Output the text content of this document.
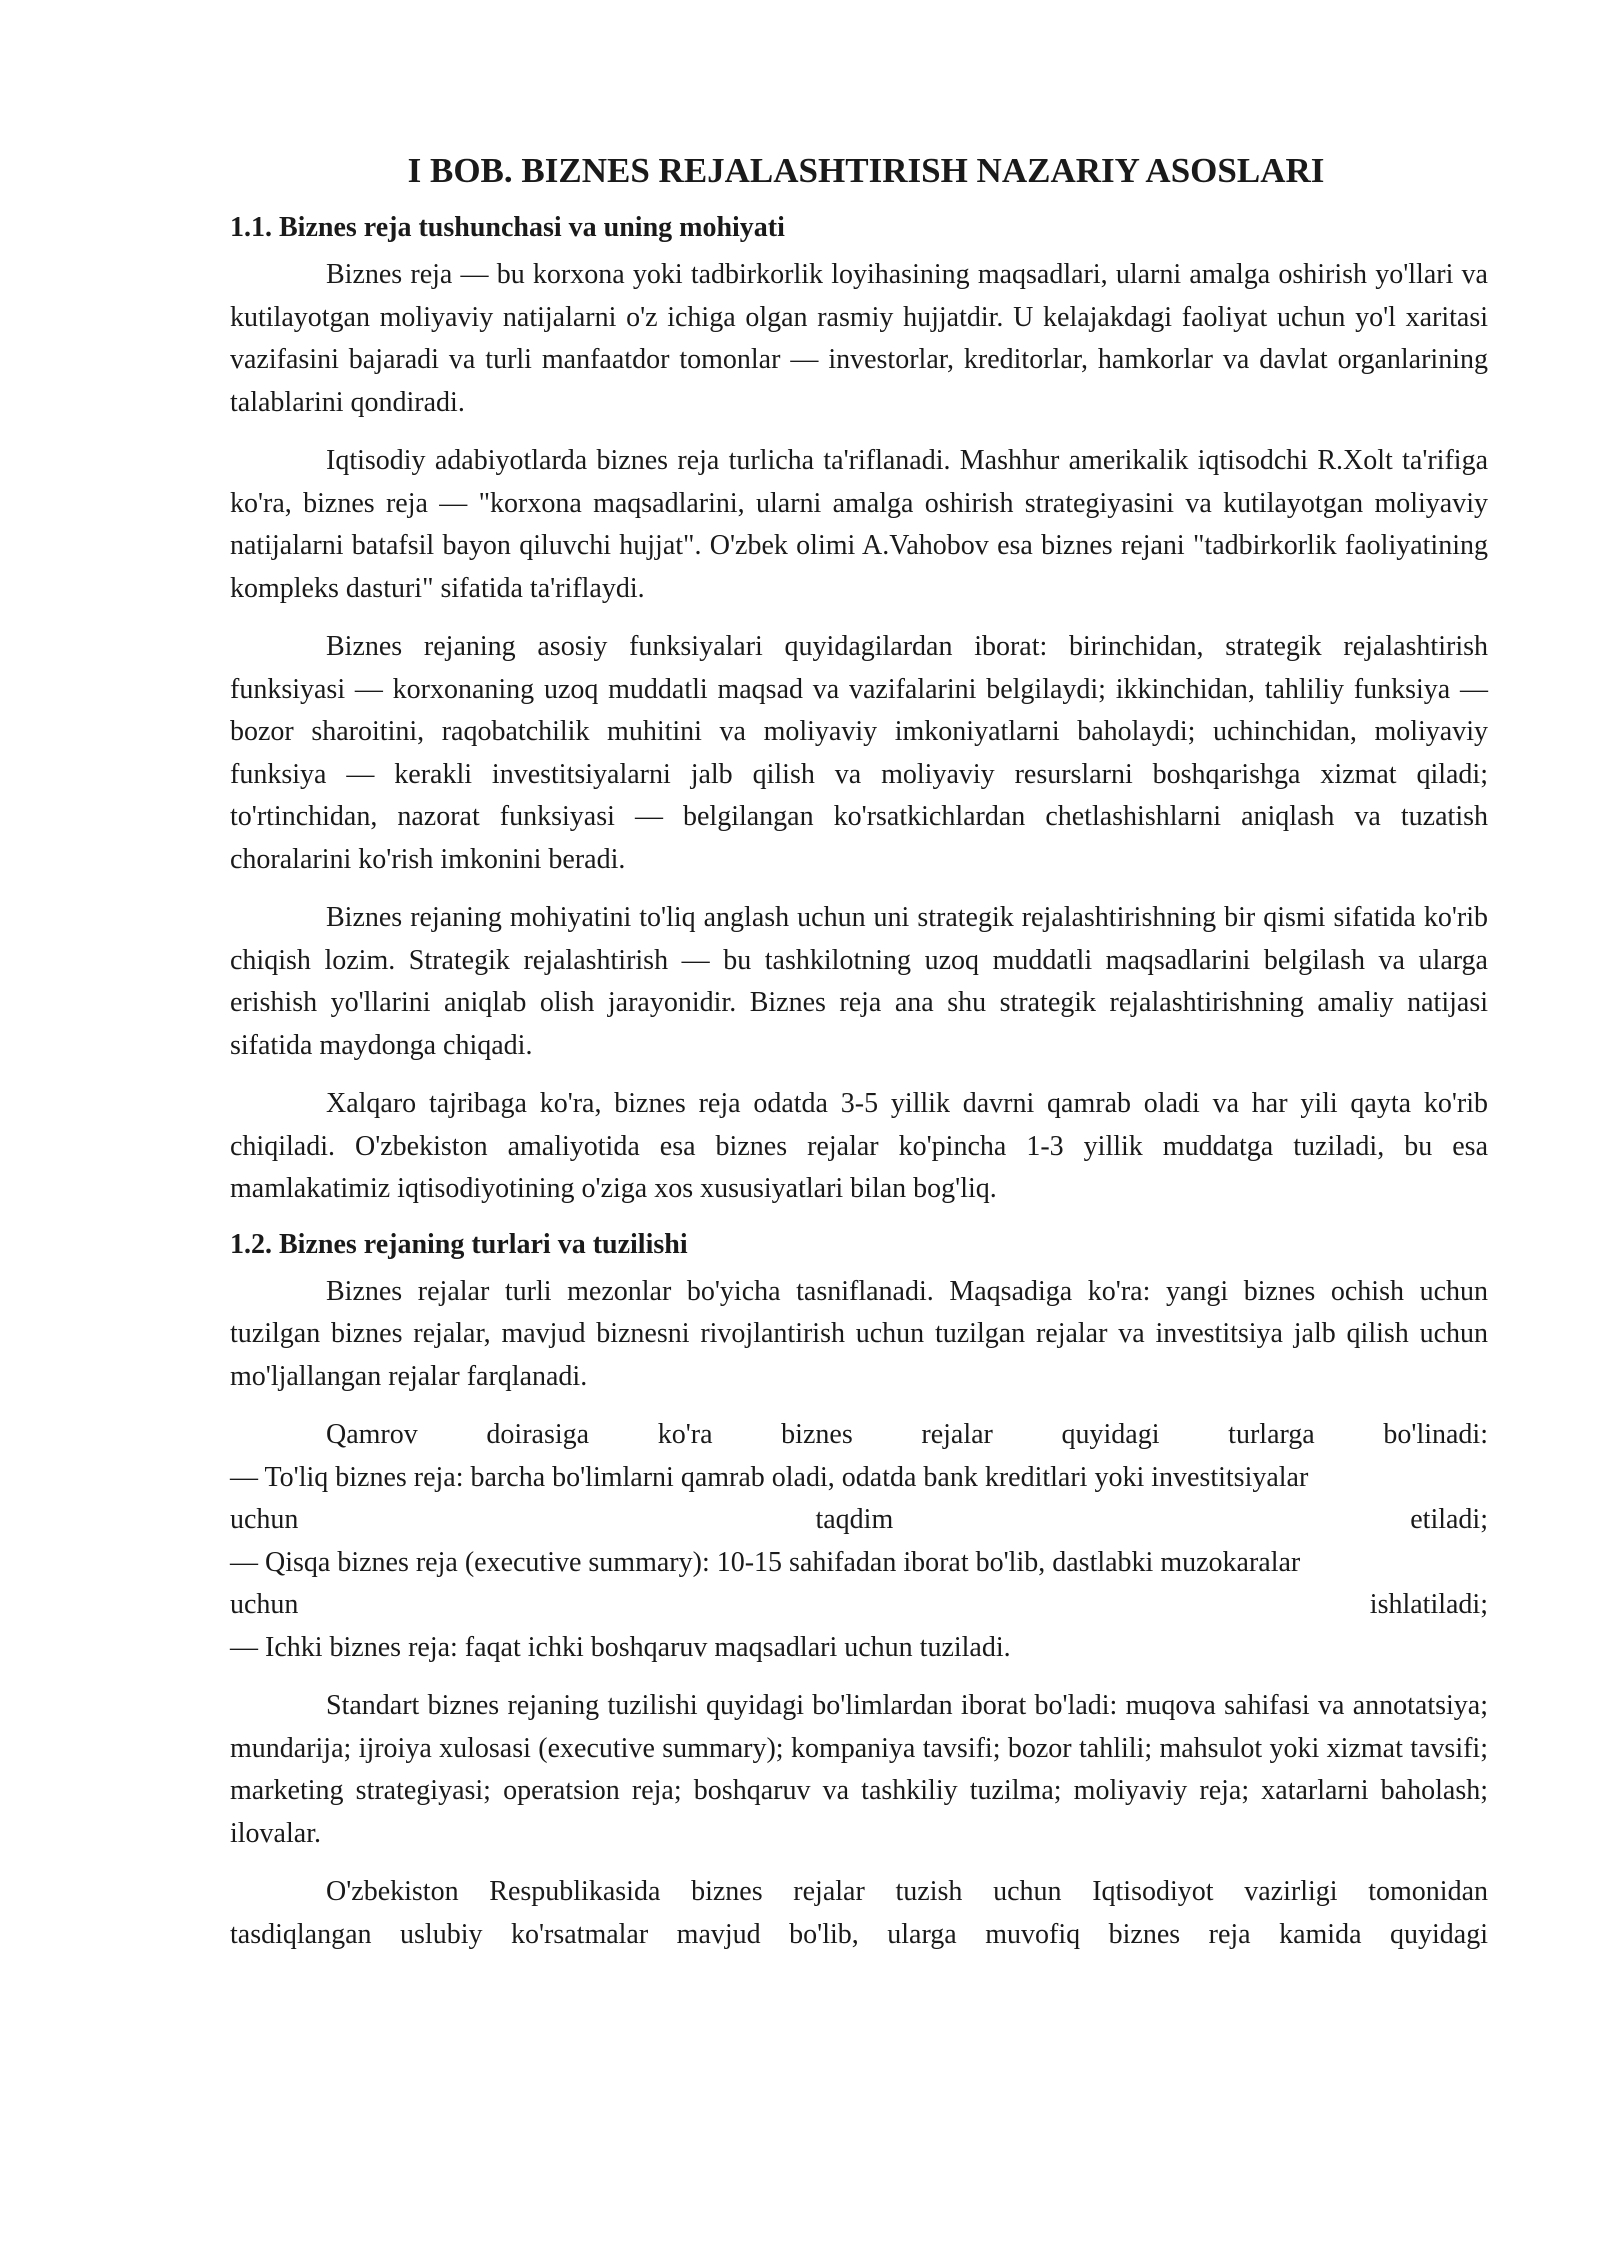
I BOB. BIZNES REJALASHTIRISH NAZARIY ASOSLARI
1.1. Biznes reja tushunchasi va uning mohiyati

Biznes reja — bu korxona yoki tadbirkorlik loyihasining maqsadlari, ularni amalga oshirish yo'llari va kutilayotgan moliyaviy natijalarni o'z ichiga olgan rasmiy hujjatdir. U kelajakdagi faoliyat uchun yo'l xaritasi vazifasini bajaradi va turli manfaatdor tomonlar — investorlar, kreditorlar, hamkorlar va davlat organlarining talablarini qondiradi.

Iqtisodiy adabiyotlarda biznes reja turlicha ta'riflanadi. Mashhur amerikalik iqtisodchi R.Xolt ta'rifiga ko'ra, biznes reja — "korxona maqsadlarini, ularni amalga oshirish strategiyasini va kutilayotgan moliyaviy natijalarni batafsil bayon qiluvchi hujjat". O'zbek olimi A.Vahobov esa biznes rejani "tadbirkorlik faoliyatining kompleks dasturi" sifatida ta'riflaydi.

Biznes rejaning asosiy funksiyalari quyidagilardan iborat: birinchidan, strategik rejalashtirish funksiyasi — korxonaning uzoq muddatli maqsad va vazifalarini belgilaydi; ikkinchidan, tahliliy funksiya — bozor sharoitini, raqobatchilik muhitini va moliyaviy imkoniyatlarni baholaydi; uchinchidan, moliyaviy funksiya — kerakli investitsiyalarni jalb qilish va moliyaviy resurslarni boshqarishga xizmat qiladi; to'rtinchidan, nazorat funksiyasi — belgilangan ko'rsatkichlardan chetlashishlarni aniqlash va tuzatish choralarini ko'rish imkonini beradi.

Biznes rejaning mohiyatini to'liq anglash uchun uni strategik rejalashtirishning bir qismi sifatida ko'rib chiqish lozim. Strategik rejalashtirish — bu tashkilotning uzoq muddatli maqsadlarini belgilash va ularga erishish yo'llarini aniqlab olish jarayonidir. Biznes reja ana shu strategik rejalashtirishning amaliy natijasi sifatida maydonga chiqadi.

Xalqaro tajribaga ko'ra, biznes reja odatda 3-5 yillik davrni qamrab oladi va har yili qayta ko'rib chiqiladi. O'zbekiston amaliyotida esa biznes rejalar ko'pincha 1-3 yillik muddatga tuziladi, bu esa mamlakatimiz iqtisodiyotining o'ziga xos xususiyatlari bilan bog'liq.

1.2. Biznes rejaning turlari va tuzilishi

Biznes rejalar turli mezonlar bo'yicha tasniflanadi. Maqsadiga ko'ra: yangi biznes ochish uchun tuzilgan biznes rejalar, mavjud biznesni rivojlantirish uchun tuzilgan rejalar va investitsiya jalb qilish uchun mo'ljallangan rejalar farqlanadi.

Qamrov doirasiga ko'ra biznes rejalar quyidagi turlarga bo'linadi:
— To'liq biznes reja: barcha bo'limlarni qamrab oladi, odatda bank kreditlari yoki investitsiyalar
uchun taqdim etiladi;
— Qisqa biznes reja (executive summary): 10-15 sahifadan iborat bo'lib, dastlabki muzokaralar
uchun ishlatiladi;
— Ichki biznes reja: faqat ichki boshqaruv maqsadlari uchun tuziladi.

Standart biznes rejaning tuzilishi quyidagi bo'limlardan iborat bo'ladi: muqova sahifasi va annotatsiya; mundarija; ijroiya xulosasi (executive summary); kompaniya tavsifi; bozor tahlili; mahsulot yoki xizmat tavsifi; marketing strategiyasi; operatsion reja; boshqaruv va tashkiliy tuzilma; moliyaviy reja; xatarlarni baholash; ilovalar.

O'zbekiston Respublikasida biznes rejalar tuzish uchun Iqtisodiyot vazirligi tomonidan
tasdiqlangan uslubiy ko'rsatmalar mavjud bo'lib, ularga muvofiq biznes reja kamida quyidagi
